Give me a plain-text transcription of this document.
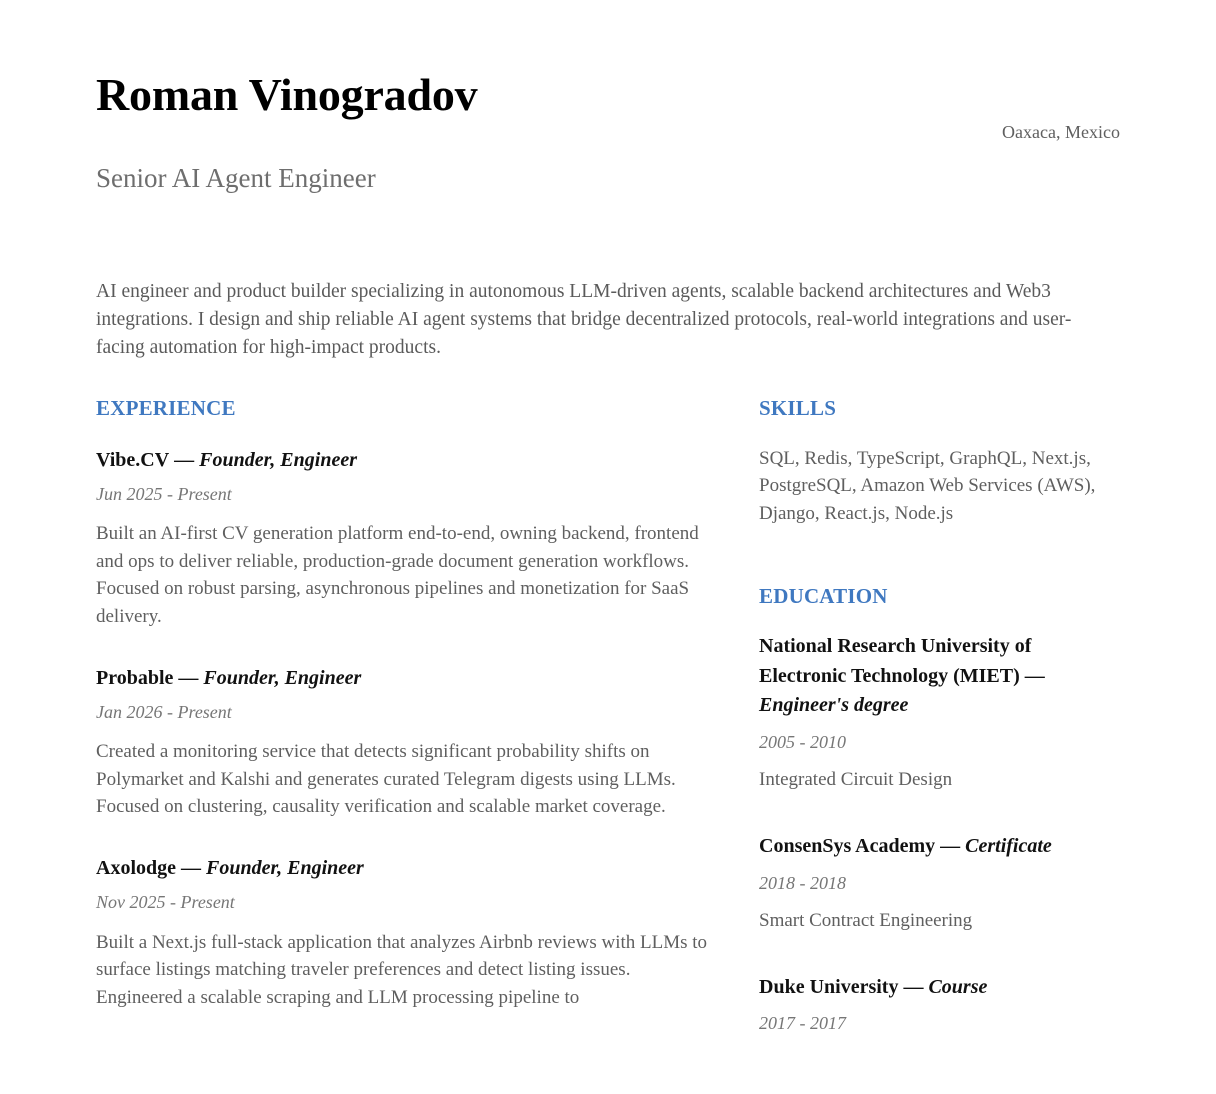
Roman Vinogradov
Oaxaca, Mexico
Senior AI Agent Engineer

AI engineer and product builder specializing in autonomous LLM-driven agents, scalable backend architectures and Web3 integrations. I design and ship reliable AI agent systems that bridge decentralized protocols, real-world integrations and user-facing automation for high-impact products.

EXPERIENCE
Vibe.CV — Founder, Engineer
Jun 2025 - Present

Built an AI-first CV generation platform end-to-end, owning backend, frontend and ops to deliver reliable, production-grade document generation workflows. Focused on robust parsing, asynchronous pipelines and monetization for SaaS delivery.

Probable — Founder, Engineer
Jan 2026 - Present

Created a monitoring service that detects significant probability shifts on Polymarket and Kalshi and generates curated Telegram digests using LLMs. Focused on clustering, causality verification and scalable market coverage.

Axolodge — Founder, Engineer
Nov 2025 - Present

Built a Next.js full-stack application that analyzes Airbnb reviews with LLMs to surface listings matching traveler preferences and detect listing issues. Engineered a scalable scraping and LLM processing pipeline to

SKILLS

SQL, Redis, TypeScript, GraphQL, Next.js, PostgreSQL, Amazon Web Services (AWS), Django, React.js, Node.js

EDUCATION
National Research University of Electronic Technology (MIET) — Engineer's degree
2005 - 2010

Integrated Circuit Design

ConsenSys Academy — Certificate
2018 - 2018

Smart Contract Engineering

Duke University — Course
2017 - 2017
